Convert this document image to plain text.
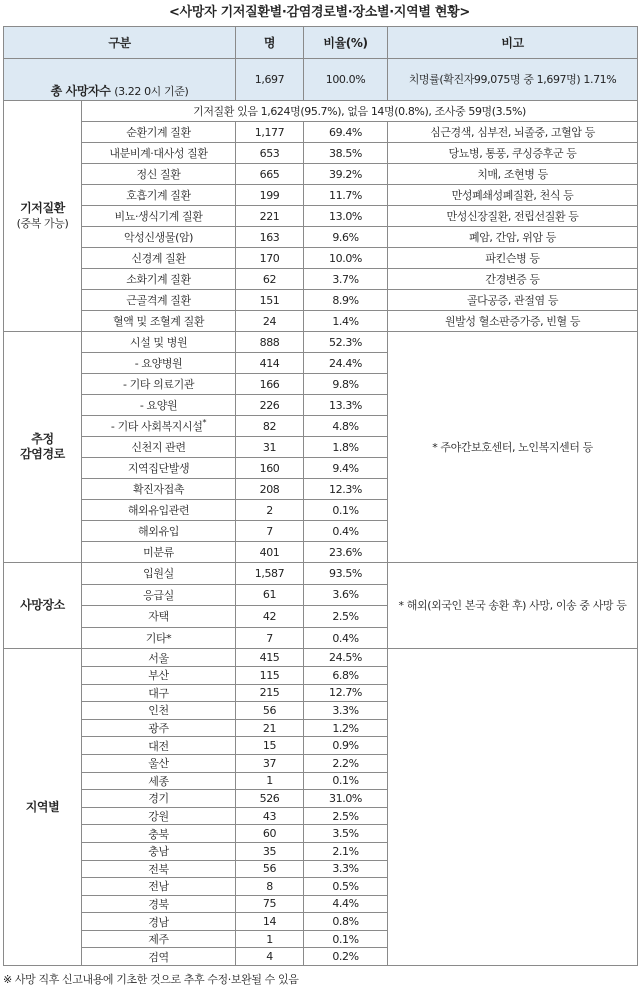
<사망자 기저질환별·감염경로별·장소별·지역별 현황>
구분		명	비율(%)	비고
총 사망자수 (3.22 0시 기준)		1,697	100.0%	치명률(확진자99,075명 중 1,697명) 1.71%
기저질환
(중복 가능)	기저질환 있음 1,624명(95.7%), 없음 14명(0.8%), 조사중 59명(3.5%)			
	순환기계 질환	1,177	69.4%	심근경색, 심부전, 뇌졸중, 고혈압 등
	내분비계·대사성 질환	653	38.5%	당뇨병, 통풍, 쿠싱증후군 등
	정신 질환	665	39.2%	치매, 조현병 등
	호흡기계 질환	199	11.7%	만성폐쇄성폐질환, 천식 등
	비뇨·생식기계 질환	221	13.0%	만성신장질환, 전립선질환 등
	악성신생물(암)	163	9.6%	폐암, 간암, 위암 등
	신경계 질환	170	10.0%	파킨슨병 등
	소화기계 질환	62	3.7%	간경변증 등
	근골격계 질환	151	8.9%	골다공증, 관절염 등
	혈액 및 조혈계 질환	24	1.4%	원발성 혈소판증가증, 빈혈 등
추정
감염경로	시설 및 병원	888	52.3%	* 주야간보호센터, 노인복지센터 등
	- 요양병원	414	24.4%	
	- 기타 의료기관	166	9.8%	
	- 요양원	226	13.3%	
	- 기타 사회복지시설*	82	4.8%	
	신천지 관련	31	1.8%	
	지역집단발생	160	9.4%	
	확진자접촉	208	12.3%	
	해외유입관련	2	0.1%	
	해외유입	7	0.4%	
	미분류	401	23.6%	
사망장소	입원실	1,587	93.5%	* 해외(외국인 본국 송환 후) 사망, 이송 중 사망 등
	응급실	61	3.6%	
	자택	42	2.5%	
	기타*	7	0.4%	
지역별	서울	415	24.5%	
	부산	115	6.8%	
	대구	215	12.7%	
	인천	56	3.3%	
	광주	21	1.2%	
	대전	15	0.9%	
	울산	37	2.2%	
	세종	1	0.1%	
	경기	526	31.0%	
	강원	43	2.5%	
	충북	60	3.5%	
	충남	35	2.1%	
	전북	56	3.3%	
	전남	8	0.5%	
	경북	75	4.4%	
	경남	14	0.8%	
	제주	1	0.1%	
	검역	4	0.2%	
※ 사망 직후 신고내용에 기초한 것으로 추후 수정·보완될 수 있음
